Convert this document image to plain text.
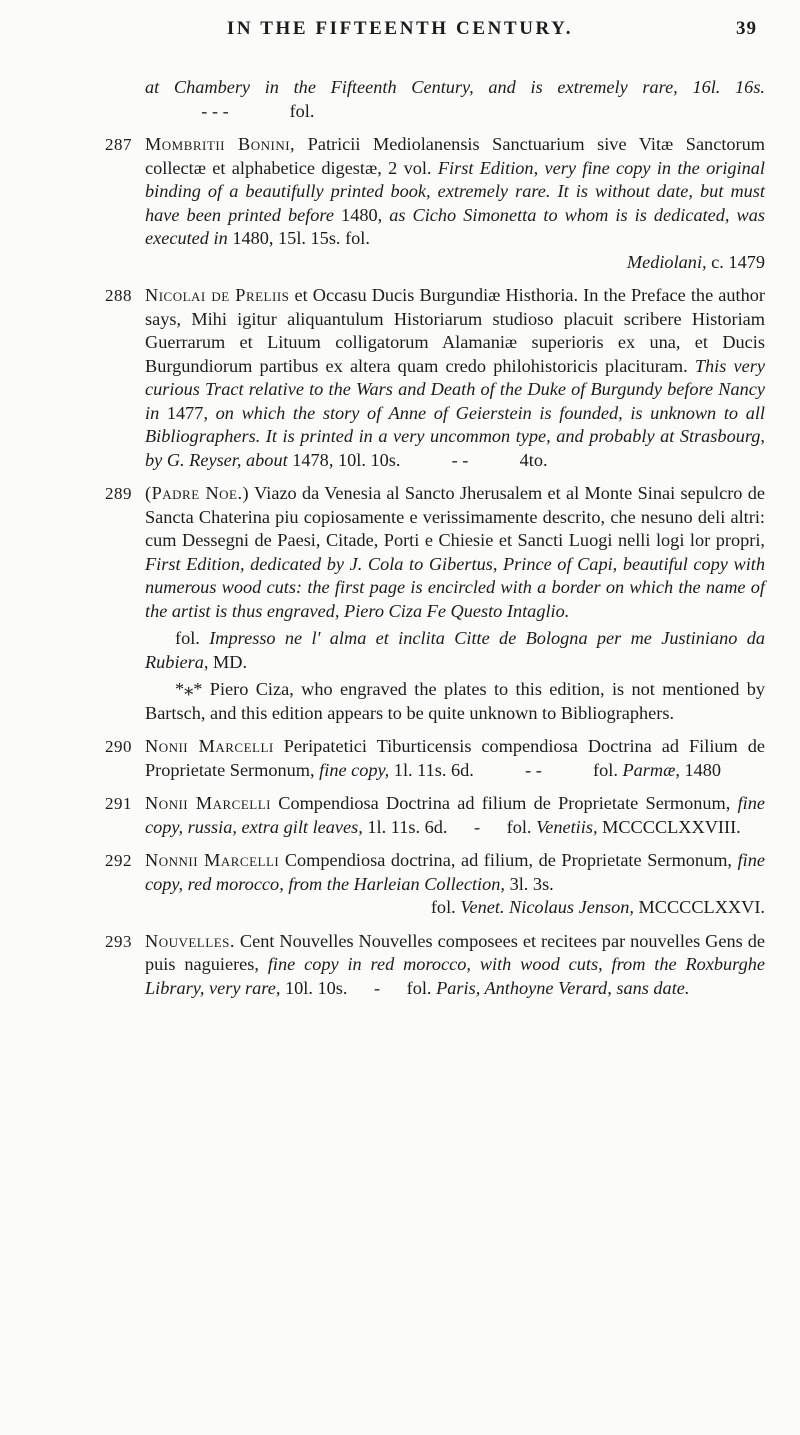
IN THE FIFTEENTH CENTURY.	39
at Chambery in the Fifteenth Century, and is extremely rare, 16l. 16s. - - -	fol.
287 Mombritii Bonini, Patricii Mediolanensis Sanctuarium sive Vitæ Sanctorum collectæ et alphabetice digestæ, 2 vol. First Edition, very fine copy in the original binding of a beautifully printed book, extremely rare. It is without date, but must have been printed before 1480, as Cicho Simonetta to whom is is dedicated, was executed in 1480, 15l. 15s. fol.
Mediolani, c. 1479
288 Nicolai de Preliis et Occasu Ducis Burgundiæ Histhoria. In the Preface the author says, Mihi igitur aliquantulum Historiarum studioso placuit scribere Historiam Guerrarum et Lituum colligatorum Alamaniæ superioris ex una, et Ducis Burgundiorum partibus ex altera quam credo philohistoricis placituram. This very curious Tract relative to the Wars and Death of the Duke of Burgundy before Nancy in 1477, on which the story of Anne of Geierstein is founded, is unknown to all Bibliographers. It is printed in a very uncommon type, and probably at Strasbourg, by G. Reyser, about 1478, 10l. 10s.	- -	4to.
289 (Padre Noe.) Viazo da Venesia al Sancto Jherusalem et al Monte Sinai sepulcro de Sancta Chaterina piu copiosamente e verissimamente descrito, che nesuno deli altri: cum Dessegni de Paesi, Citade, Porti e Chiesie et Sancti Luogi nelli logi lor propri, First Edition, dedicated by J. Cola to Gibertus, Prince of Capi, beautiful copy with numerous wood cuts: the first page is encircled with a border on which the name of the artist is thus engraved, Piero Ciza Fe Questo Intaglio.
fol. Impresso ne l' alma et inclita Citte de Bologna per me Justiniano da Rubiera, MD.
*⁎* Piero Ciza, who engraved the plates to this edition, is not mentioned by Bartsch, and this edition appears to be quite unknown to Bibliographers.
290 Nonii Marcelli Peripatetici Tiburticensis compendiosa Doctrina ad Filium de Proprietate Sermonum, fine copy, 1l. 11s. 6d.	- -	fol. Parmæ, 1480
291 Nonii Marcelli Compendiosa Doctrina ad filium de Proprietate Sermonum, fine copy, russia, extra gilt leaves, 1l. 11s. 6d. - fol. Venetiis, MCCCCLXXVIII.
292 Nonnii Marcelli Compendiosa doctrina, ad filium, de Proprietate Sermonum, fine copy, red morocco, from the Harleian Collection, 3l. 3s.
fol. Venet. Nicolaus Jenson, MCCCCLXXVI.
293 Nouvelles. Cent Nouvelles Nouvelles composees et recitees par nouvelles Gens de puis naguieres, fine copy in red morocco, with wood cuts, from the Roxburghe Library, very rare, 10l. 10s. - fol. Paris, Anthoyne Verard, sans date.
